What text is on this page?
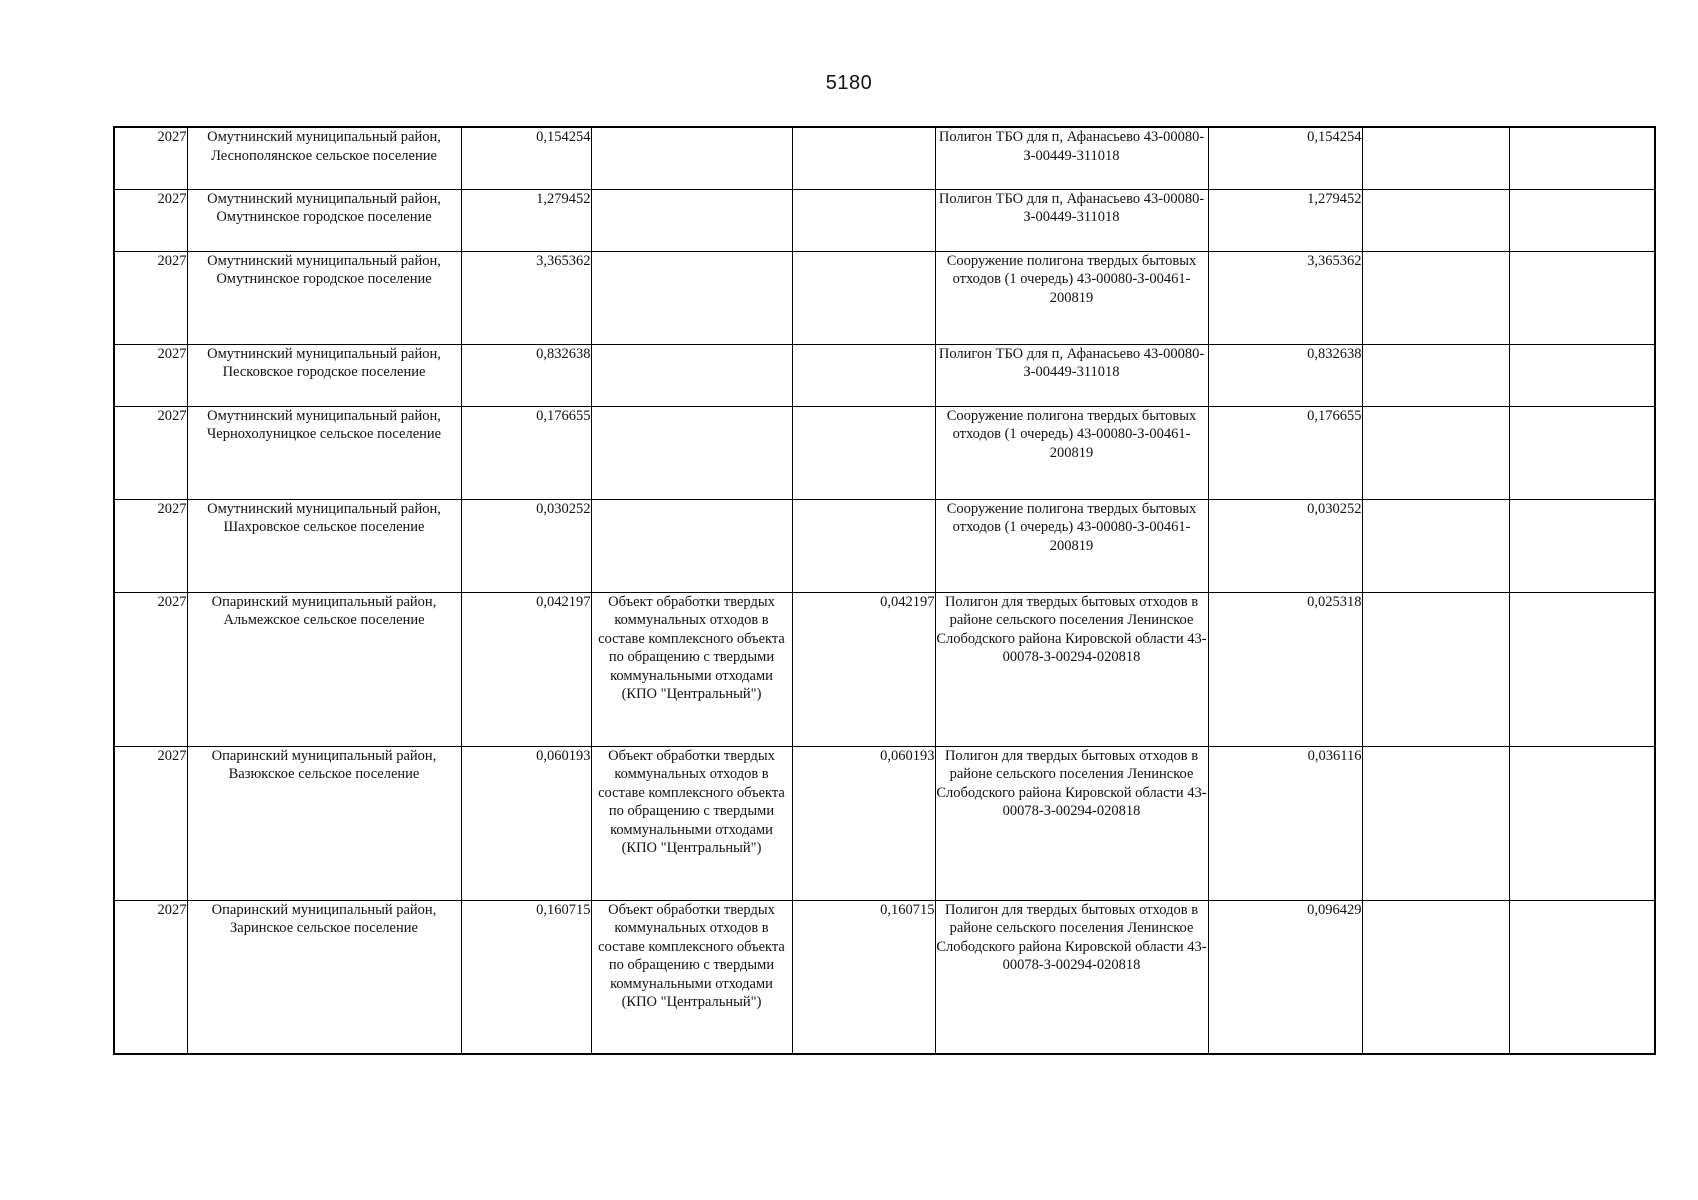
5180
2027	Омутнинский муниципальный район, Леснополянское сельское поселение	0,154254			Полигон ТБО для п, Афанасьево 43-00080-З-00449-311018	0,154254		
2027	Омутнинский муниципальный район, Омутнинское городское поселение	1,279452			Полигон ТБО для п, Афанасьево 43-00080-З-00449-311018	1,279452		
2027	Омутнинский муниципальный район, Омутнинское городское поселение	3,365362			Сооружение полигона твердых бытовых отходов (1 очередь) 43-00080-З-00461-200819	3,365362		
2027	Омутнинский муниципальный район, Песковское городское поселение	0,832638			Полигон ТБО для п, Афанасьево 43-00080-З-00449-311018	0,832638		
2027	Омутнинский муниципальный район, Чернохолуницкое сельское поселение	0,176655			Сооружение полигона твердых бытовых отходов (1 очередь) 43-00080-З-00461-200819	0,176655		
2027	Омутнинский муниципальный район, Шахровское сельское поселение	0,030252			Сооружение полигона твердых бытовых отходов (1 очередь) 43-00080-З-00461-200819	0,030252		
2027	Опаринский муниципальный район, Альмежское сельское поселение	0,042197	Объект обработки твердых коммунальных отходов в составе комплексного объекта по обращению с твердыми коммунальными отходами (КПО "Центральный")	0,042197	Полигон для твердых бытовых отходов в районе сельского поселения Ленинское Слободского района Кировской области 43-00078-З-00294-020818	0,025318		
2027	Опаринский муниципальный район, Вазюкское сельское поселение	0,060193	Объект обработки твердых коммунальных отходов в составе комплексного объекта по обращению с твердыми коммунальными отходами (КПО "Центральный")	0,060193	Полигон для твердых бытовых отходов в районе сельского поселения Ленинское Слободского района Кировской области 43-00078-З-00294-020818	0,036116		
2027	Опаринский муниципальный район, Заринское сельское поселение	0,160715	Объект обработки твердых коммунальных отходов в составе комплексного объекта по обращению с твердыми коммунальными отходами (КПО "Центральный")	0,160715	Полигон для твердых бытовых отходов в районе сельского поселения Ленинское Слободского района Кировской области 43-00078-З-00294-020818	0,096429		
